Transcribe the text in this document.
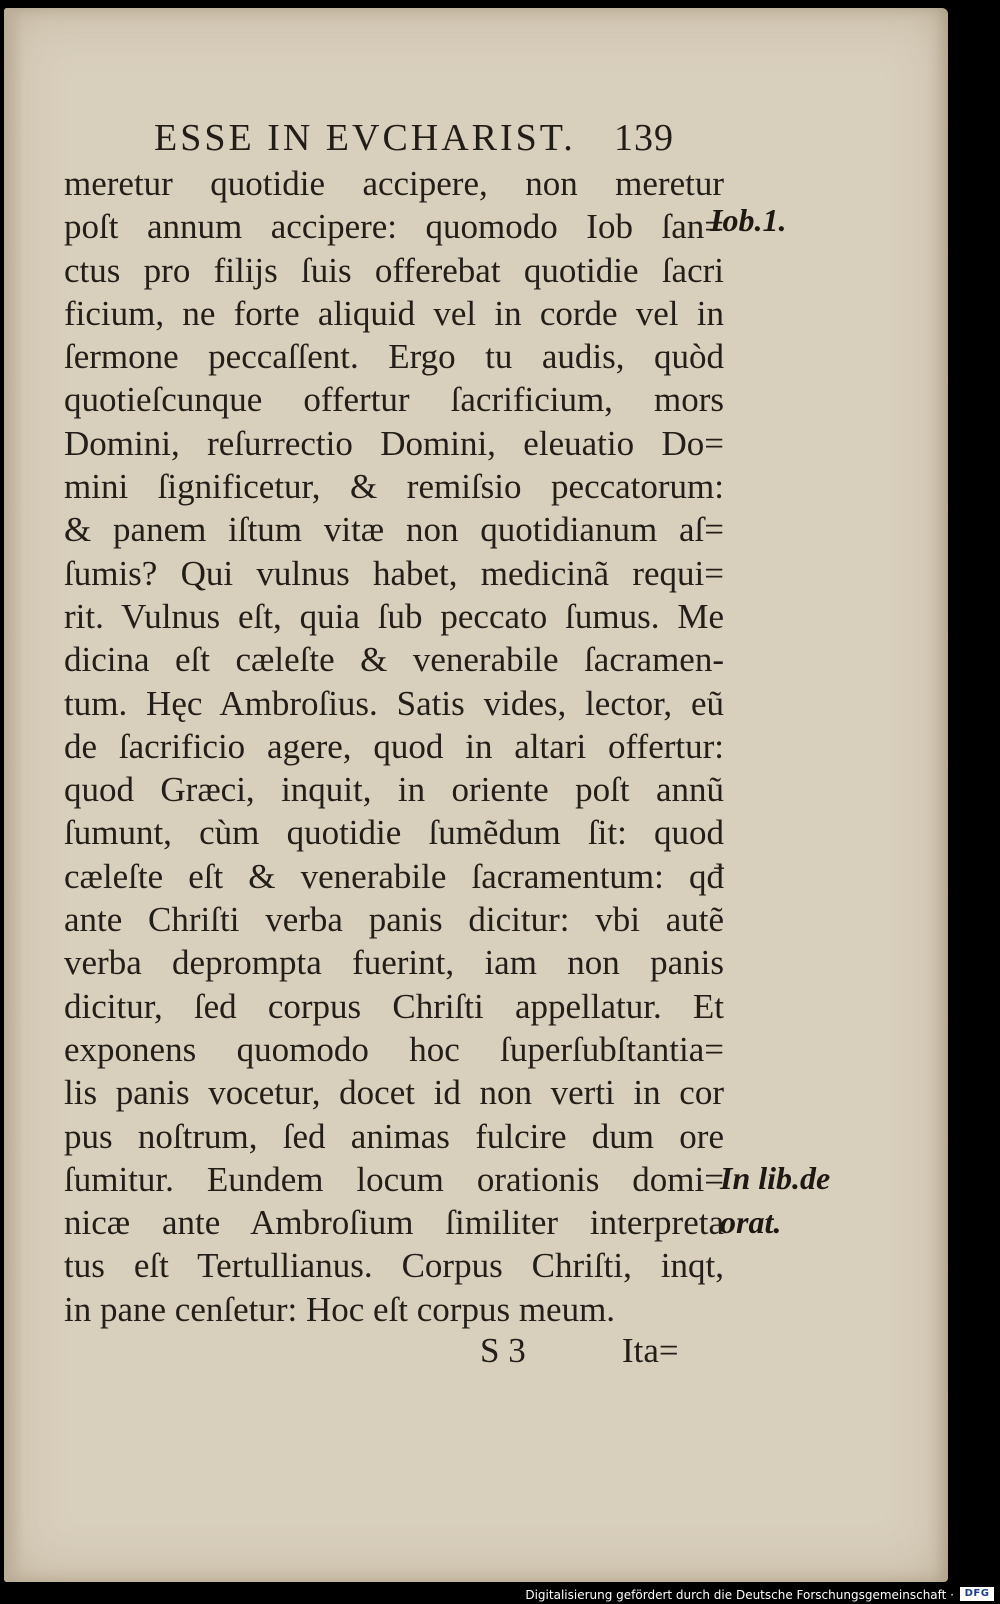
ESSE IN EVCHARIST. 139
meretur quotidie accipere, non meretur
poſt annum accipere: quomodo Iob ſan=
ctus pro filijs ſuis offerebat quotidie ſacri
ficium, ne forte aliquid vel in corde vel in
ſermone peccaſſent. Ergo tu audis, quòd
quotieſcunque offertur ſacrificium, mors
Domini, reſurrectio Domini, eleuatio Do=
mini ſignificetur, & remiſsio peccatorum:
& panem iſtum vitæ non quotidianum aſ=
ſumis? Qui vulnus habet, medicinã requi=
rit. Vulnus eſt, quia ſub peccato ſumus. Me
dicina eſt cæleſte & venerabile ſacramen-
tum. Hęc Ambroſius. Satis vides, lector, eũ
de ſacrificio agere, quod in altari offertur:
quod Græci, inquit, in oriente poſt annũ
ſumunt, cùm quotidie ſumẽdum ſit: quod
cæleſte eſt & venerabile ſacramentum: qđ
ante Chriſti verba panis dicitur: vbi autẽ
verba deprompta fuerint, iam non panis
dicitur, ſed corpus Chriſti appellatur. Et
exponens quomodo hoc ſuperſubſtantia=
lis panis vocetur, docet id non verti in cor
pus noſtrum, ſed animas fulcire dum ore
ſumitur. Eundem locum orationis domi=
nicæ ante Ambroſium ſimiliter interpreta
tus eſt Tertullianus. Corpus Chriſti, inqt,
in pane cenſetur: Hoc eſt corpus meum.
Iob.1.
In lib.de
orat.
S 3	Ita=
Digitalisierung gefördert durch die Deutsche Forschungsgemeinschaft ·	DFG
